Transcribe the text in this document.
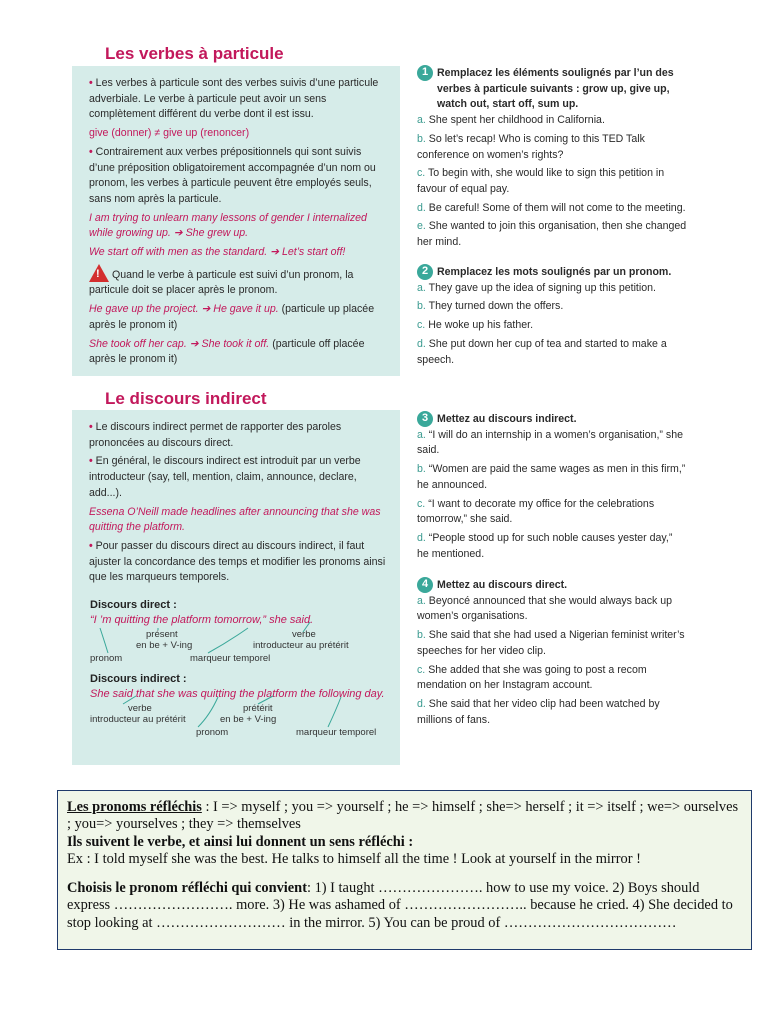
Les verbes à particule

• Les verbes à particule sont des verbes suivis d’une particule adverbiale. Le verbe à particule peut avoir un sens complètement différent du verbe dont il est issu.

give (donner) ≠ give up (renoncer)

• Contrairement aux verbes prépositionnels qui sont suivis d’une préposition obligatoirement accompagnée d’un nom ou pronom, les verbes à particule peuvent être employés seuls, sans nom après la particule.

I am trying to unlearn many lessons of gender I internalized while growing up. ➔ She grew up.

We start off with men as the standard. ➔ Let’s start off!

! Quand le verbe à particule est suivi d’un pronom, la particule doit se placer après le pronom.

He gave up the project. ➔ He gave it up. (particule up placée après le pronom it)

She took off her cap. ➔ She took it off. (particule off placée après le pronom it)

Le discours indirect

• Le discours indirect permet de rapporter des paroles prononcées au discours direct.

• En général, le discours indirect est introduit par un verbe introducteur (say, tell, mention, claim, announce, declare, add...).

Essena O’Neill made headlines after announcing that she was quitting the platform.

• Pour passer du discours direct au discours indirect, il faut ajuster la concordance des temps et modifier les pronoms ainsi que les marqueurs temporels.

Discours direct :
“I ’m quitting the platform tomorrow,” she said.
présent
en be + V-ing
verbe
introducteur au prétérit
pronom	marqueur temporel
Discours indirect :
She said that she was quitting the platform the following day.
verbe	prétérit
introducteur au prétérit	en be + V-ing
pronom	marqueur temporel
1 Remplacez les éléments soulignés par l’un des verbes à particule suivants : grow up, give up, watch out, start off, sum up.

a. She spent her childhood in California.

b. So let’s recap! Who is coming to this TED Talk conference on women’s rights?

c. To begin with, she would like to sign this petition in favour of equal pay.

d. Be careful! Some of them will not come to the meeting.

e. She wanted to join this organisation, then she changed her mind.

2 Remplacez les mots soulignés par un pronom.

a. They gave up the idea of signing up this petition.

b. They turned down the offers.

c. He woke up his father.

d. She put down her cup of tea and started to make a speech.

3 Mettez au discours indirect.

a. “I will do an internship in a women’s organisation,” she said.

b. “Women are paid the same wages as men in this firm,” he announced.

c. “I want to decorate my office for the celebrations tomorrow,” she said.

d. “People stood up for such noble causes yester day,” he mentioned.

4 Mettez au discours direct.

a. Beyoncé announced that she would always back up women’s organisations.

b. She said that she had used a Nigerian feminist writer’s speeches for her video clip.

c. She added that she was going to post a recom mendation on her Instagram account.

d. She said that her video clip had been watched by millions of fans.

Les pronoms réfléchis : I => myself ; you => yourself ; he => himself ; she=> herself ; it => itself ; we=> ourselves ; you=> yourselves ; they => themselves

Ils suivent le verbe, et ainsi lui donnent un sens réfléchi :

Ex : I told myself she was the best. He talks to himself all the time ! Look at yourself in the mirror !

Choisis le pronom réfléchi qui convient: 1) I taught …………………. how to use my voice. 2) Boys should express ……………………. more. 3) He was ashamed of …………………….. because he cried. 4) She decided to stop looking at ……………………… in the mirror. 5) You can be proud of ………………………………
